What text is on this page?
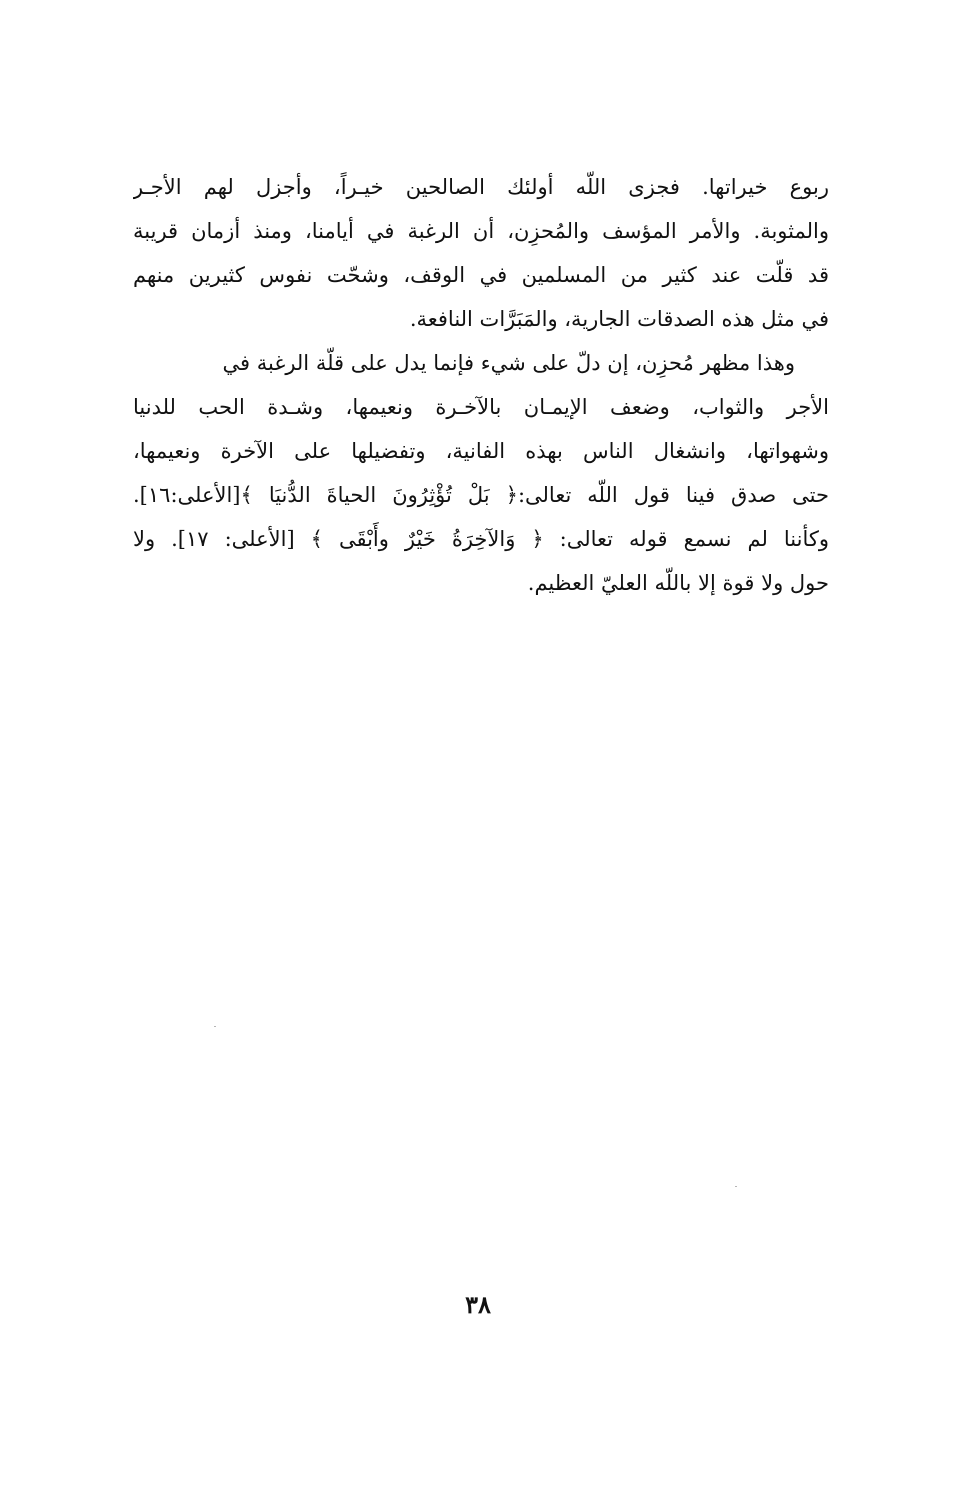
ربوع خيراتها. فجزى اللّه أولئك الصالحين خيـراً، وأجزل لهم الأجـر
والمثوبة. والأمر المؤسف والمُحزِن، أن الرغبة في أيامنا، ومنذ أزمان قريبة
قد قلّت عند كثير من المسلمين في الوقف، وشحّت نفوس كثيرين منهم
في مثل هذه الصدقات الجارية، والمَبَرَّات النافعة.

وهذا مظهر مُحزِن، إن دلّ على شيء فإنما يدل على قلّة الرغبة في
الأجر والثواب، وضعف الإيمـان بالآخـرة ونعيمها، وشـدة الحب للدنيا
وشهواتها، وانشغال الناس بهذه الفانية، وتفضيلها على الآخرة ونعيمها،
حتى صدق فينا قول اللّه تعالى:﴿ بَلْ تُؤْثِرُونَ الحياةَ الدُّنيَا ﴾[الأعلى:١٦].
وكأننا لم نسمع قوله تعالى: ﴿ وَالآخِرَةُ خَيْرٌ وأَبْقَى ﴾ [الأعلى: ١٧]. ولا
حول ولا قوة إلا باللّه العليّ العظيم.

٣٨
